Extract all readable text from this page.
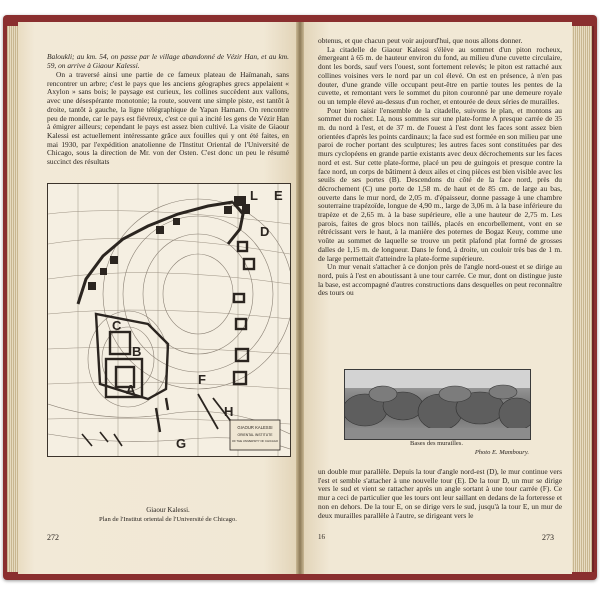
Baloukli; au km. 54, on passe par le village abandonné de Vézir Han, et au km. 59, on arrive à Giaour Kalessi.

On a traversé ainsi une partie de ce fameux plateau de Haïmanah, sans rencontrer un arbre; c'est le pays que les anciens géographes grecs appelaient « Axylon » sans bois; le paysage est curieux, les collines succèdent aux vallons, avec une désespérante monotonie; la route, souvent une simple piste, est tantôt à droite, tantôt à gauche, la ligne télégraphique de Yapan Hamam. On rencontre peu de monde, car le pays est fiévreux, c'est ce qui a incité les gens de Vézir Han à émigrer ailleurs; cependant le pays est assez bien cultivé. La visite de Giaour Kalessi est actuellement intéressante grâce aux fouilles qui y ont été faites, en mai 1930, par l'expédition anatolienne de l'Institut Oriental de l'Université de Chicago, sous la direction de Mr. von der Osten. C'est donc un peu le résumé succinct des résultats

L E
D
C
B
A
F
H
G
GIAOUR KALESSI
ORIENTAL INSTITUTE
OF THE UNIVERSITY OF CHICAGO
Giaour Kalessi.
Plan de l'Institut oriental de l'Université de Chicago.
272

obtenus, et que chacun peut voir aujourd'hui, que nous allons donner.

La citadelle de Giaour Kalessi s'élève au sommet d'un piton rocheux, émergeant à 65 m. de hauteur environ du fond, au milieu d'une cuvette circulaire, dont les bords, sauf vers l'ouest, sont fortement relevés; le piton est rattaché aux collines voisines vers le nord par un col élevé. On est en présence, à n'en pas douter, d'une grande ville occupant peut-être en partie toutes les pentes de la cuvette, et remontant vers le sommet du piton couronné par une demeure royale ou un temple élevé au-dessus d'un rocher, et entourée de deux séries de murailles.

Pour bien saisir l'ensemble de la citadelle, suivons le plan, et montons au sommet du rocher. Là, nous sommes sur une plate-forme A presque carrée de 35 m. du nord à l'est, et de 37 m. de l'ouest à l'est dont les faces sont assez bien orientées d'après les points cardinaux; la face sud est formée en son milieu par une paroi de rocher portant des sculptures; les autres faces sont constituées par des murs cyclopéens en grande partie existants avec deux décrochements sur les faces nord et est. Sur cette plate-forme, placé un peu de guingois et presque contre la face nord, un corps de bâtiment à deux ailes et cinq pièces est bien visible avec les seuils de ses portes (B). Descendons du côté de la face nord, près du décrochement (C) une porte de 1,58 m. de haut et de 85 cm. de large au bas, ouverte dans le mur nord, de 2,05 m. d'épaisseur, donne passage à une chambre souterraine trapézoïde, longue de 4,90 m., large de 3,06 m. à la base inférieure du trapèze et de 2,65 m. à la base supérieure, elle a une hauteur de 2,75 m. Les parois, faites de gros blocs non taillés, placés en encorbellement, vont en se rétrécissant vers le haut, à la manière des poternes de Bogaz Keuy, comme une voûte au sommet de laquelle se trouve un petit plafond plat formé de grosses dalles de 1,15 m. de longueur. Dans le fond, à droite, un couloir très bas de 1 m. de large permettait d'atteindre la plate-forme supérieure.

Un mur venait s'attacher à ce donjon près de l'angle nord-ouest et se dirige au nord, puis à l'est en aboutissant à une tour carrée. Ce mur, dont on distingue juste la base, est accompagné d'autres constructions dans desquelles on peut reconnaître des tours ou

Bases des murailles.
Photo E. Mamboury.

un double mur parallèle. Depuis la tour d'angle nord-est (D), le mur continue vers l'est et semble s'attacher à une nouvelle tour (E). De la tour D, un mur se dirige vers le sud et vient se rattacher après un angle sortant à une tour carrée (F). Ce mur a ceci de particulier que les tours ont leur saillant en dedans de la forteresse et non en dehors. De la tour E, on se dirige vers le sud, jusqu'à la tour E, un mur de deux murailles parallèle à l'autre, se dirigeant vers le

16	273
